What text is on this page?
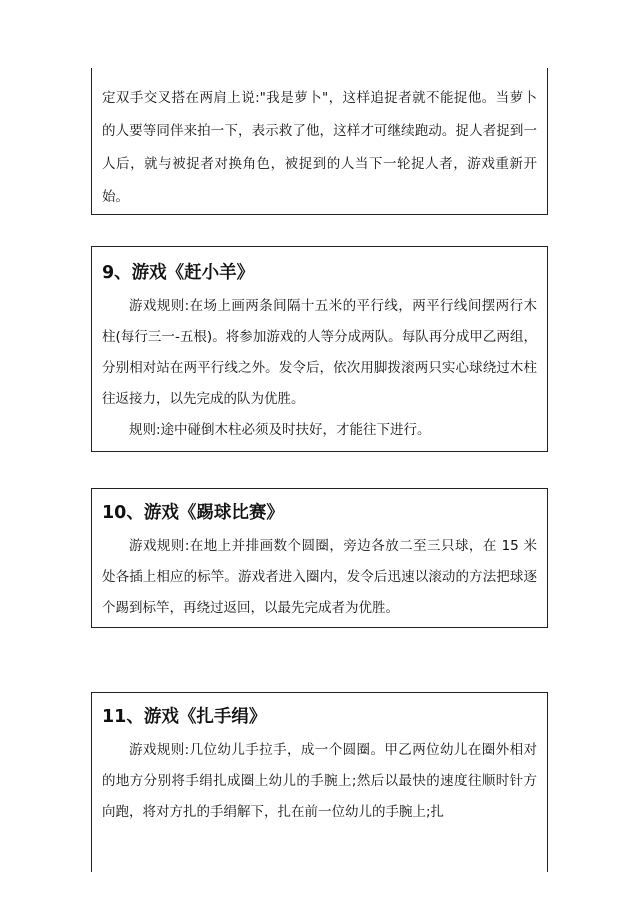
定双手交叉搭在两肩上说:"我是萝卜"，这样追捉者就不能捉他。当萝卜的人要等同伴来拍一下，表示救了他，这样才可继续跑动。捉人者捉到一人后，就与被捉者对换角色，被捉到的人当下一轮捉人者，游戏重新开始。

9、游戏《赶小羊》

游戏规则:在场上画两条间隔十五米的平行线，两平行线间摆两行木柱(每行三一-五根)。将参加游戏的人等分成两队。每队再分成甲乙两组，分别相对站在两平行线之外。发令后，依次用脚拨滚两只实心球绕过木柱往返接力，以先完成的队为优胜。

规则:途中碰倒木柱必须及时扶好，才能往下进行。

10、游戏《踢球比赛》

游戏规则:在地上并排画数个圆圈，旁边各放二至三只球，在 15 米处各插上相应的标竿。游戏者进入圈内，发令后迅速以滚动的方法把球逐个踢到标竿，再绕过返回，以最先完成者为优胜。

11、游戏《扎手绢》

游戏规则:几位幼儿手拉手，成一个圆圈。甲乙两位幼儿在圈外相对的地方分别将手绢扎成圈上幼儿的手腕上;然后以最快的速度往顺时针方向跑，将对方扎的手绢解下，扎在前一位幼儿的手腕上;扎
